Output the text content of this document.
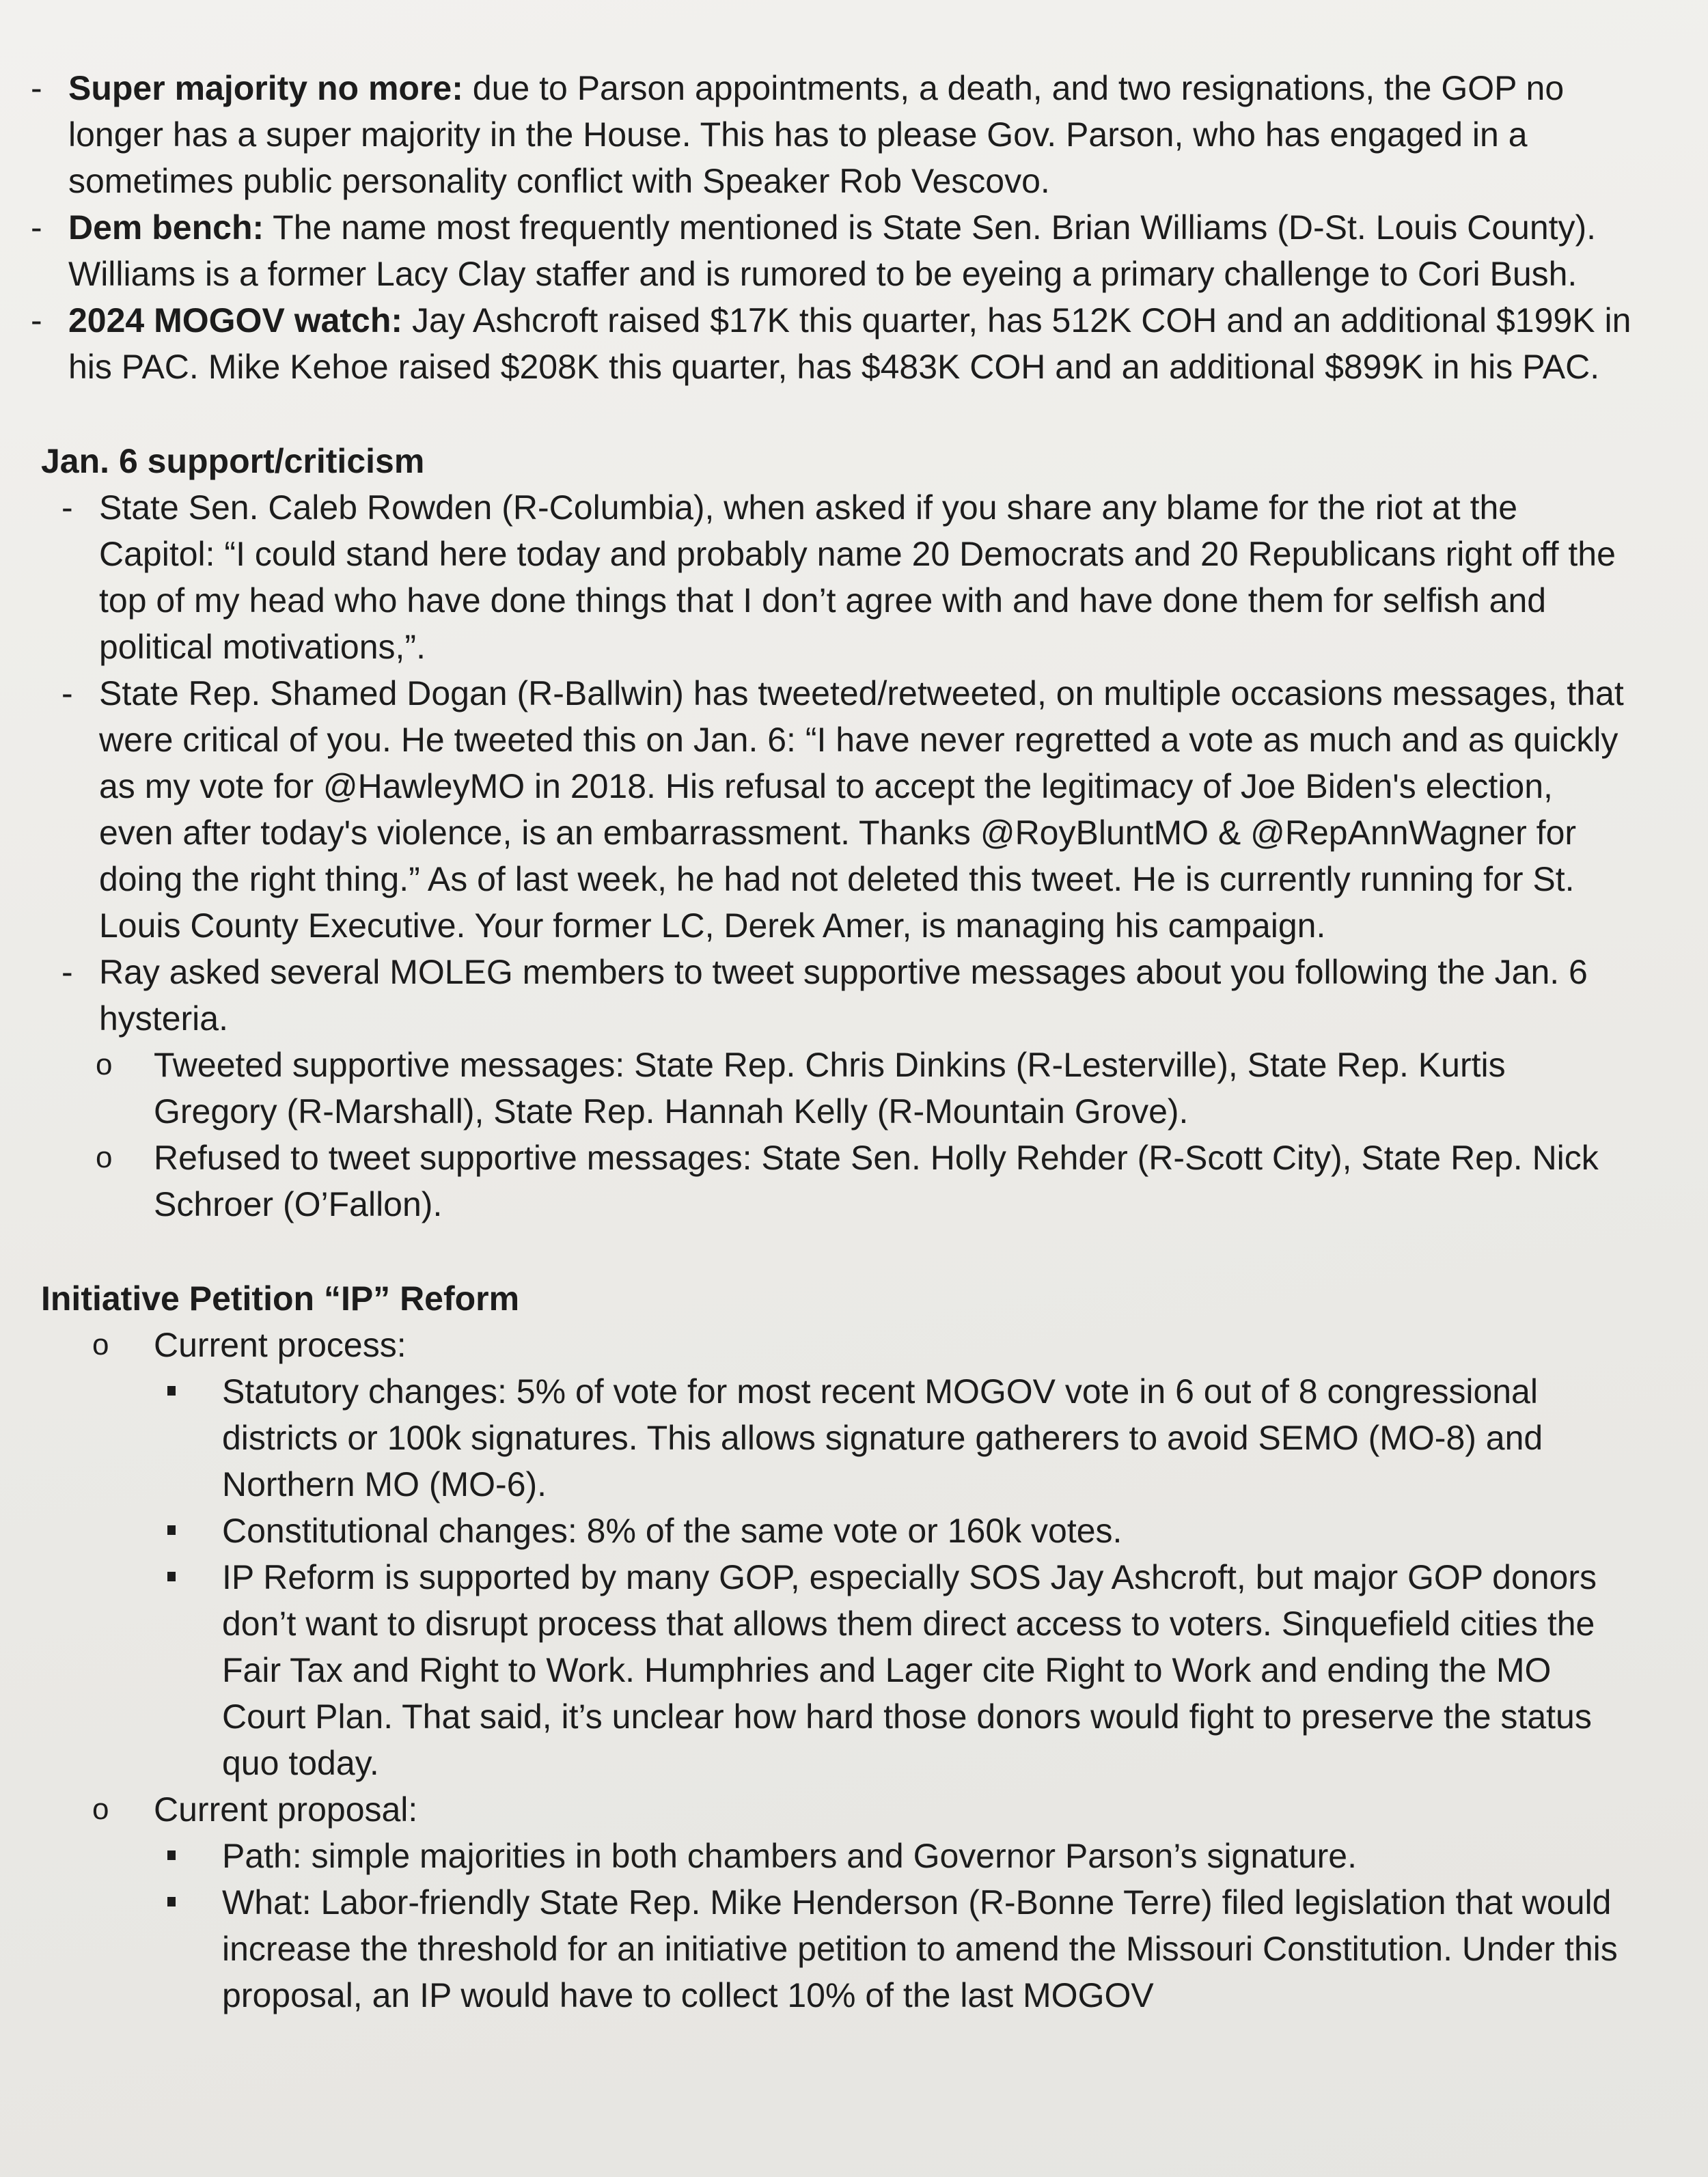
- Super majority no more: due to Parson appointments, a death, and two resignations, the GOP no longer has a super majority in the House. This has to please Gov. Parson, who has engaged in a sometimes public personality conflict with Speaker Rob Vescovo.
- Dem bench: The name most frequently mentioned is State Sen. Brian Williams (D-St. Louis County). Williams is a former Lacy Clay staffer and is rumored to be eyeing a primary challenge to Cori Bush.
- 2024 MOGOV watch: Jay Ashcroft raised $17K this quarter, has 512K COH and an additional $199K in his PAC. Mike Kehoe raised $208K this quarter, has $483K COH and an additional $899K in his PAC.

Jan. 6 support/criticism

- State Sen. Caleb Rowden (R-Columbia), when asked if you share any blame for the riot at the Capitol: “I could stand here today and probably name 20 Democrats and 20 Republicans right off the top of my head who have done things that I don’t agree with and have done them for selfish and political motivations,”.
- State Rep. Shamed Dogan (R-Ballwin) has tweeted/retweeted, on multiple occasions messages, that were critical of you. He tweeted this on Jan. 6: “I have never regretted a vote as much and as quickly as my vote for @HawleyMO in 2018. His refusal to accept the legitimacy of Joe Biden's election, even after today's violence, is an embarrassment. Thanks @RoyBluntMO & @RepAnnWagner for doing the right thing.” As of last week, he had not deleted this tweet. He is currently running for St. Louis County Executive. Your former LC, Derek Amer, is managing his campaign.
- Ray asked several MOLEG members to tweet supportive messages about you following the Jan. 6 hysteria.
o Tweeted supportive messages: State Rep. Chris Dinkins (R-Lesterville), State Rep. Kurtis Gregory (R-Marshall), State Rep. Hannah Kelly (R-Mountain Grove).
o Refused to tweet supportive messages: State Sen. Holly Rehder (R-Scott City), State Rep. Nick Schroer (O’Fallon).

Initiative Petition “IP” Reform

o Current process:
Statutory changes: 5% of vote for most recent MOGOV vote in 6 out of 8 congressional districts or 100k signatures. This allows signature gatherers to avoid SEMO (MO-8) and Northern MO (MO-6).
Constitutional changes: 8% of the same vote or 160k votes.
IP Reform is supported by many GOP, especially SOS Jay Ashcroft, but major GOP donors don’t want to disrupt process that allows them direct access to voters. Sinquefield cities the Fair Tax and Right to Work. Humphries and Lager cite Right to Work and ending the MO Court Plan. That said, it’s unclear how hard those donors would fight to preserve the status quo today.
o Current proposal:
Path: simple majorities in both chambers and Governor Parson’s signature.
What: Labor-friendly State Rep. Mike Henderson (R-Bonne Terre) filed legislation that would increase the threshold for an initiative petition to amend the Missouri Constitution. Under this proposal, an IP would have to collect 10% of the last MOGOV
